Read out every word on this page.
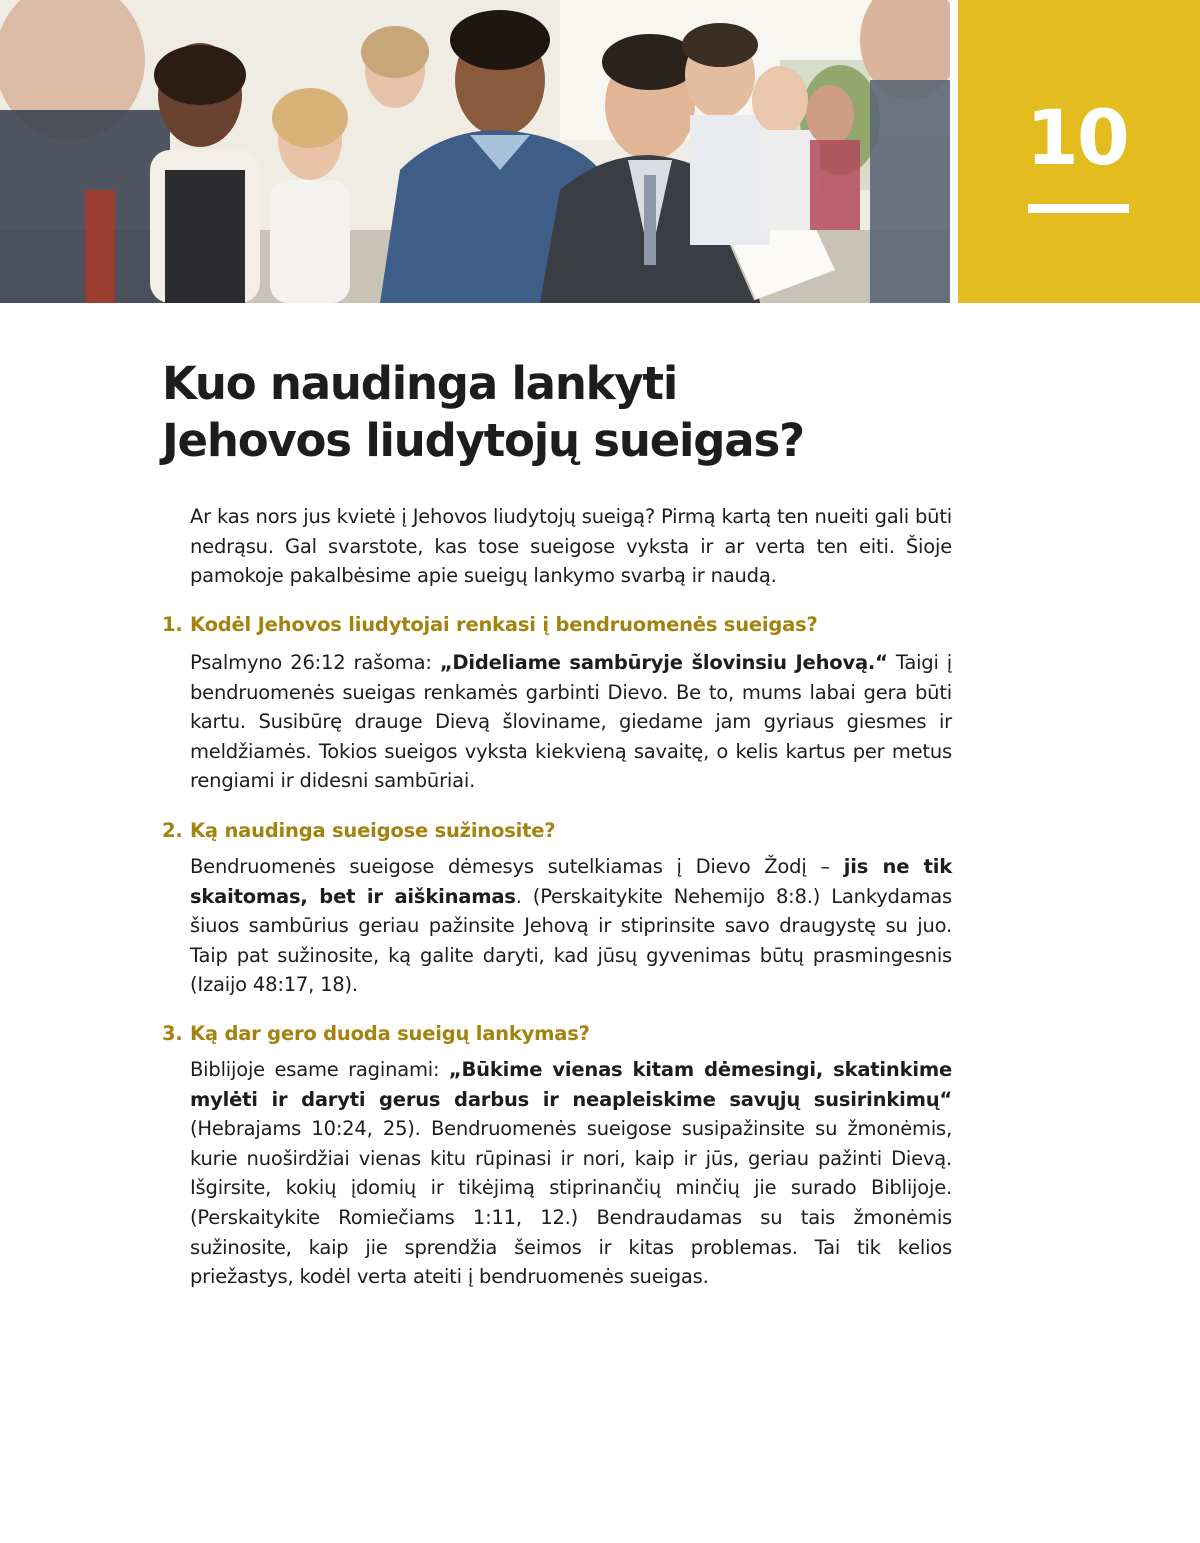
10
Kuo naudinga lankyti
Jehovos liudytojų sueigas?

Ar kas nors jus kvietė į Jehovos liudytojų sueigą? Pirmą kartą ten nueiti gali būti nedrąsu. Gal svarstote, kas tose sueigose vyksta ir ar verta ten eiti. Šioje pamokoje pakalbėsime apie sueigų lankymo svarbą ir naudą.

1. Kodėl Jehovos liudytojai renkasi į bendruomenės sueigas?

Psalmyno 26:12 rašoma: „Dideliame sambūryje šlovinsiu Jehovą.“ Taigi į bendruomenės sueigas renkamės garbinti Dievo. Be to, mums labai gera būti kartu. Susibūrę drauge Dievą šloviname, giedame jam gyriaus giesmes ir meldžiamės. Tokios sueigos vyksta kiekvieną savaitę, o kelis kartus per metus rengiami ir didesni sambūriai.

2. Ką naudinga sueigose sužinosite?

Bendruomenės sueigose dėmesys sutelkiamas į Dievo Žodį – jis ne tik skaitomas, bet ir aiškinamas. (Perskaitykite Nehemijo 8:8.) Lankydamas šiuos sambūrius geriau pažinsite Jehovą ir stiprinsite savo draugystę su juo. Taip pat sužinosite, ką galite daryti, kad jūsų gyvenimas būtų prasmingesnis (Izaijo 48:17, 18).

3. Ką dar gero duoda sueigų lankymas?

Biblijoje esame raginami: „Būkime vienas kitam dėmesingi, skatinkime mylėti ir daryti gerus darbus ir neapleiskime savųjų susirinkimų“ (Hebrajams 10:24, 25). Bendruomenės sueigose susipažinsite su žmonėmis, kurie nuoširdžiai vienas kitu rūpinasi ir nori, kaip ir jūs, geriau pažinti Dievą. Išgirsite, kokių įdomių ir tikėjimą stiprinančių minčių jie surado Biblijoje. (Perskaitykite Romiečiams 1:11, 12.) Bendraudamas su tais žmonėmis sužinosite, kaip jie sprendžia šeimos ir kitas problemas. Tai tik kelios priežastys, kodėl verta ateiti į bendruomenės sueigas.
